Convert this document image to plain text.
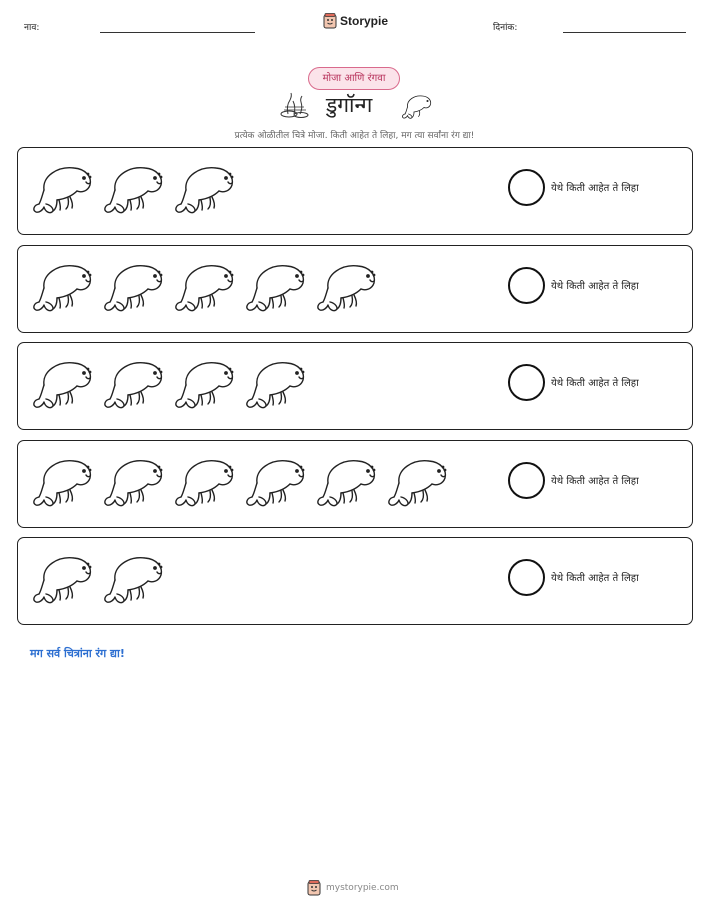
नाव:	Storypie	दिनांक:
मोजा आणि रंगवा
डुगॉन्ग
प्रत्येक ओळीतील चित्रे मोजा. किती आहेत ते लिहा, मग त्या सर्वांना रंग द्या!
येथे किती आहेत ते लिहा
येथे किती आहेत ते लिहा
येथे किती आहेत ते लिहा
येथे किती आहेत ते लिहा
येथे किती आहेत ते लिहा
मग सर्व चित्रांना रंग द्या!
mystorypie.com
